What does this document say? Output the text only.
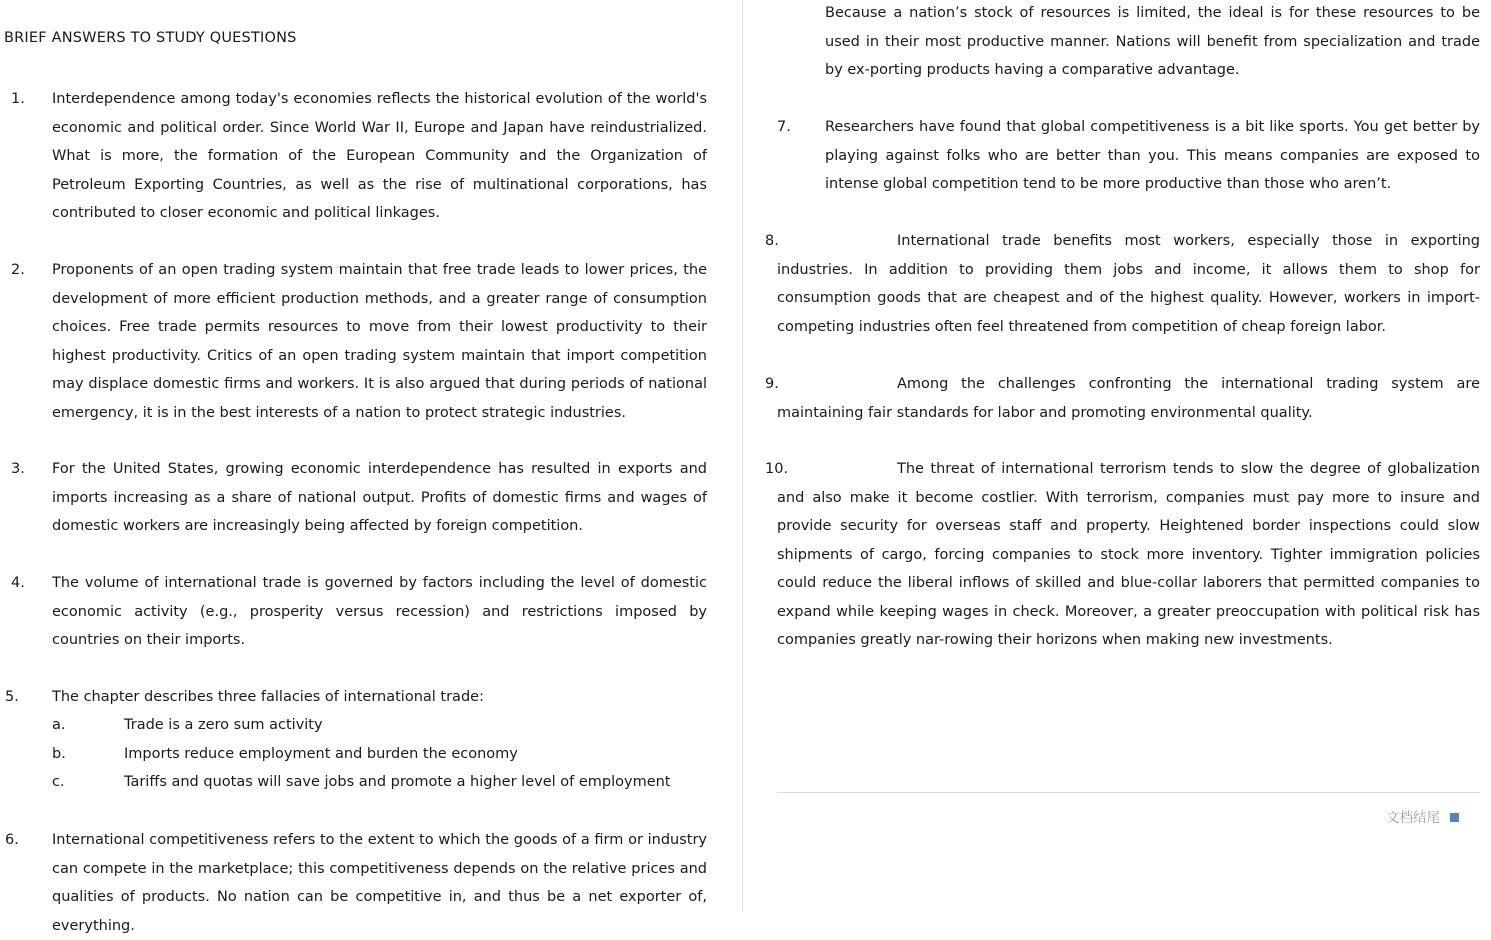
BRIEF ANSWERS TO STUDY QUESTIONS
1. Interdependence among today's economies reflects the historical evolution of the world's economic and political order. Since World War II, Europe and Japan have reindustrialized. What is more, the formation of the European Community and the Organization of Petroleum Exporting Countries, as well as the rise of multinational corporations, has contributed to closer economic and political linkages.

2. Proponents of an open trading system maintain that free trade leads to lower prices, the development of more efficient production methods, and a greater range of consumption choices. Free trade permits resources to move from their lowest productivity to their highest productivity. Critics of an open trading system maintain that import competition may displace domestic firms and workers. It is also argued that during periods of national emergency, it is in the best interests of a nation to protect strategic industries.

3. For the United States, growing economic interdependence has resulted in exports and imports increasing as a share of national output. Profits of domestic firms and wages of domestic workers are increasingly being affected by foreign competition.

4. The volume of international trade is governed by factors including the level of domestic economic activity (e.g., prosperity versus recession) and restrictions imposed by countries on their imports.

5. The chapter describes three fallacies of international trade:

a.	Trade is a zero sum activity
b.	Imports reduce employment and burden the economy
c.	Tariffs and quotas will save jobs and promote a higher level of employment
6. International competitiveness refers to the extent to which the goods of a firm or industry can compete in the marketplace; this competitiveness depends on the relative prices and qualities of products. No nation can be competitive in, and thus be a net exporter of, everything.

Because a nation’s stock of resources is limited, the ideal is for these resources to be used in their most productive manner. Nations will benefit from specialization and trade by ex-porting products having a comparative advantage.

7. Researchers have found that global competitiveness is a bit like sports. You get better by playing against folks who are better than you. This means companies are exposed to intense global competition tend to be more productive than those who aren’t.

8.	International trade benefits most workers, especially those in exporting industries. In addition to providing them jobs and income, it allows them to shop for consumption goods that are cheapest and of the highest quality. However, workers in import-competing industries often feel threatened from competition of cheap foreign labor.

9.	Among the challenges confronting the international trading system are maintaining fair standards for labor and promoting environmental quality.

10.	The threat of international terrorism tends to slow the degree of globalization and also make it become costlier. With terrorism, companies must pay more to insure and provide security for overseas staff and property. Heightened border inspections could slow shipments of cargo, forcing companies to stock more inventory. Tighter immigration policies could reduce the liberal inflows of skilled and blue-collar laborers that permitted companies to expand while keeping wages in check. Moreover, a greater preoccupation with political risk has companies greatly nar-rowing their horizons when making new investments.

文档结尾
